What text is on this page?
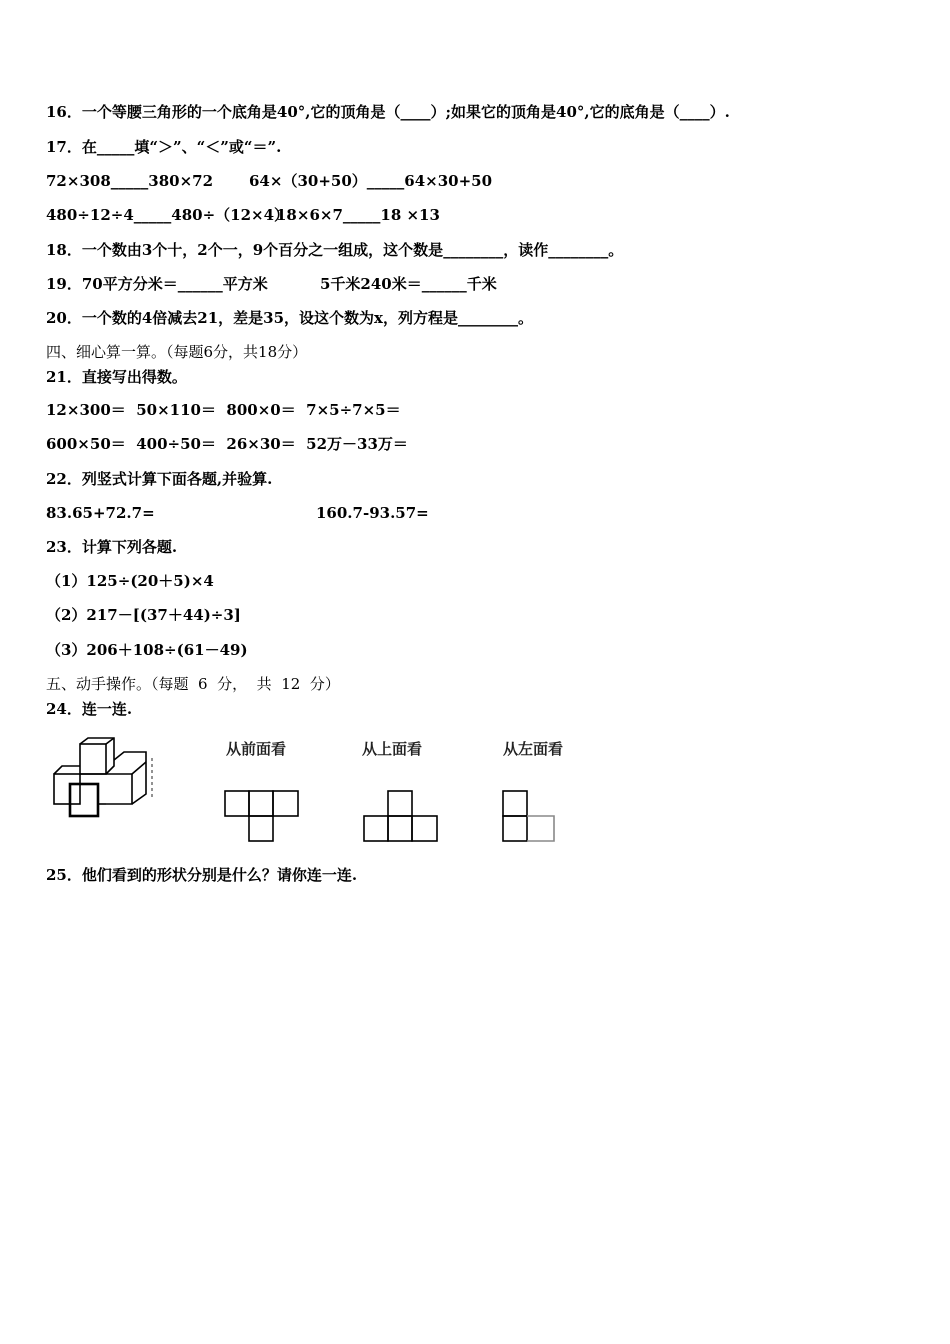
16．一个等腰三角形的一个底角是40°,它的顶角是（____）;如果它的顶角是40°,它的底角是（____）.
17．在_____填“＞”、“＜”或“＝”.
72×308_____380×72 64×（30+50）_____64×30+50
480÷12÷4_____480÷（12×4）
18×6×7_____18 ×13
18．一个数由3个十，2个一，9个百分之一组成，这个数是________，读作________。
19．70平方分米＝______平方米	5千米240米＝______千米
20．一个数的4倍减去21，差是35，设这个数为x，列方程是________。
四、细心算一算。（每题6分，共18分）
21．直接写出得数。
12×300＝  50×110＝  800×0＝  7×5÷7×5＝
600×50＝  400÷50＝  26×30＝  52万－33万＝
22．列竖式计算下面各题,并验算.
83.65+72.7=	160.7-93.57=
23．计算下列各题.
（1）125÷(20＋5)×4
（2）217－[(37＋44)÷3]
（3）206＋108÷(61－49)
五、动手操作。（每题  6  分，  共  12  分）
24．连一连.
从前面看	从上面看	从左面看
25．他们看到的形状分别是什么？请你连一连.
